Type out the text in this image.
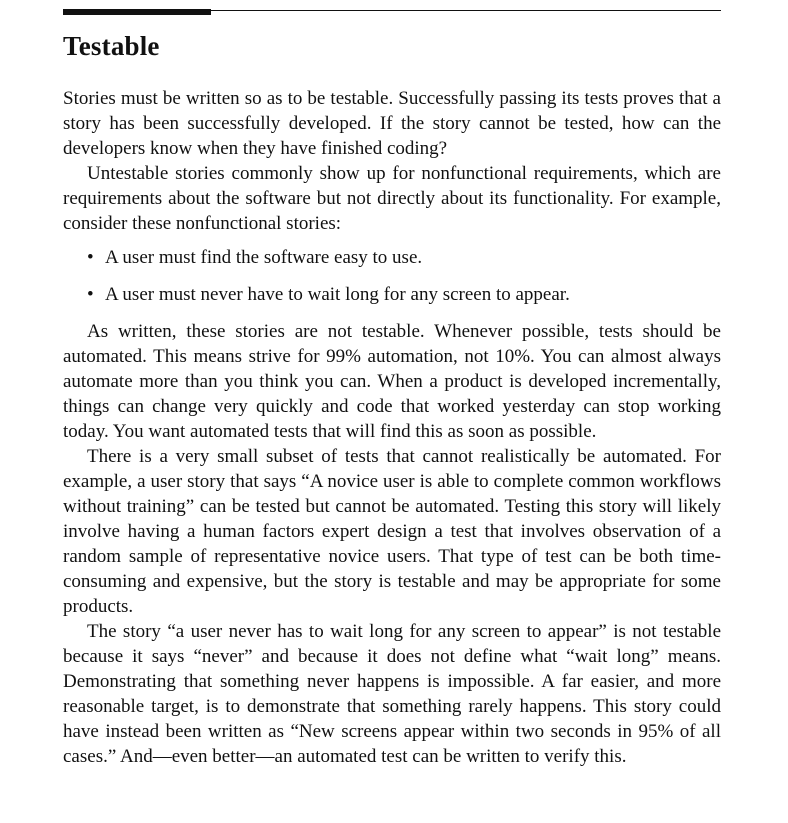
Testable

Stories must be written so as to be testable. Successfully passing its tests proves that a story has been successfully developed. If the story cannot be tested, how can the developers know when they have finished coding?

Untestable stories commonly show up for nonfunctional requirements, which are requirements about the software but not directly about its functionality. For example, consider these nonfunctional stories:

• A user must find the software easy to use.
• A user must never have to wait long for any screen to appear.

As written, these stories are not testable. Whenever possible, tests should be automated. This means strive for 99% automation, not 10%. You can almost always automate more than you think you can. When a product is developed incrementally, things can change very quickly and code that worked yesterday can stop working today. You want automated tests that will find this as soon as possible.

There is a very small subset of tests that cannot realistically be automated. For example, a user story that says “A novice user is able to complete common workflows without training” can be tested but cannot be automated. Testing this story will likely involve having a human factors expert design a test that involves observation of a random sample of representative novice users. That type of test can be both time-consuming and expensive, but the story is testable and may be appropriate for some products.

The story “a user never has to wait long for any screen to appear” is not testable because it says “never” and because it does not define what “wait long” means. Demonstrating that something never happens is impossible. A far easier, and more reasonable target, is to demonstrate that something rarely happens. This story could have instead been written as “New screens appear within two seconds in 95% of all cases.” And—even better—an automated test can be written to verify this.
